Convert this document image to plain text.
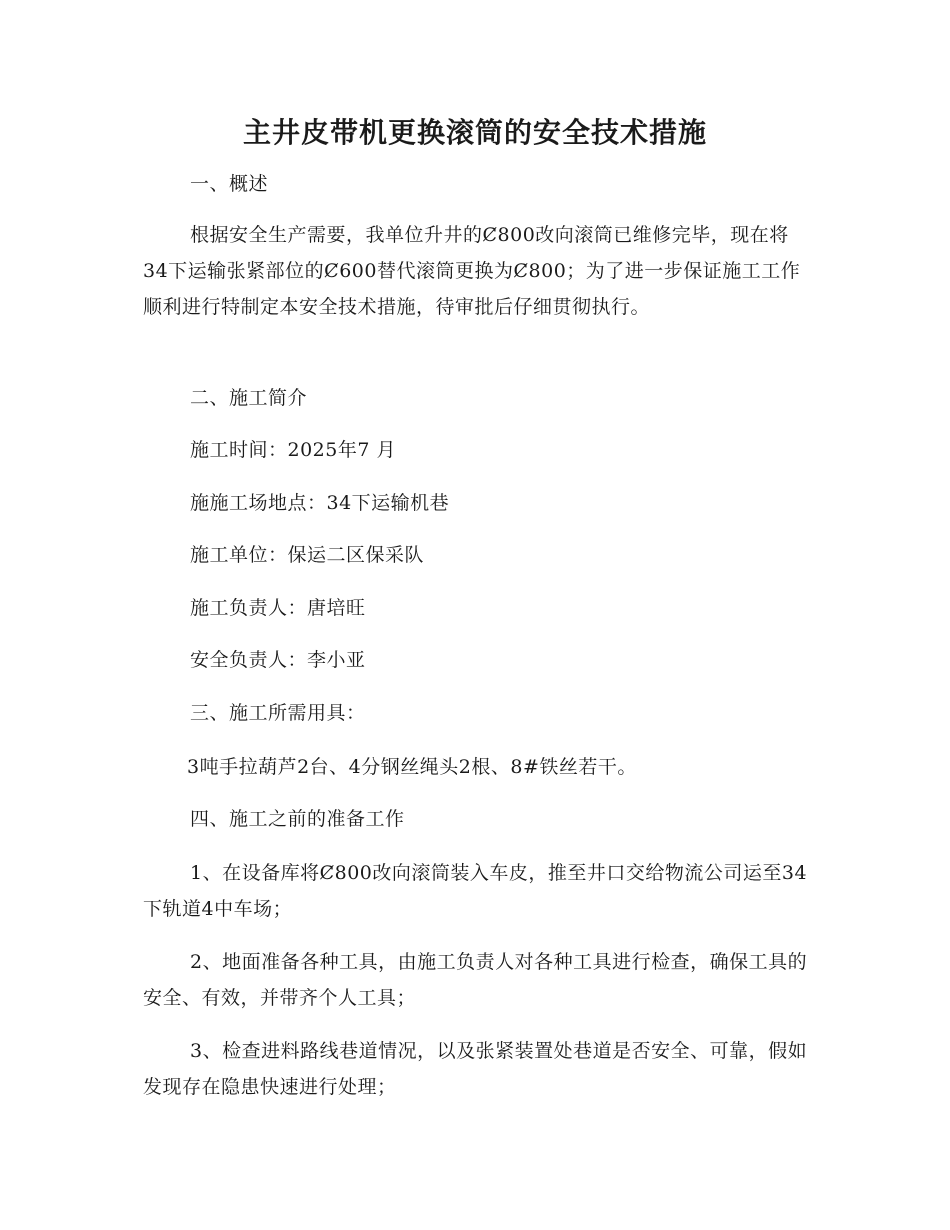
主井皮带机更换滚筒的安全技术措施

一、概述

根据安全生产需要，我单位升井的Ȼ800改向滚筒已维修完毕，现在将34下运输张紧部位的Ȼ600替代滚筒更换为Ȼ800；为了进一步保证施工工作顺利进行特制定本安全技术措施，待审批后仔细贯彻执行。

二、施工简介

施工时间：2025年7 月

施施工场地点：34下运输机巷

施工单位：保运二区保采队

施工负责人：唐培旺

安全负责人：李小亚

三、施工所需用具：

3吨手拉葫芦2台、4分钢丝绳头2根、8#铁丝若干。

四、施工之前的准备工作

1、在设备库将Ȼ800改向滚筒装入车皮，推至井口交给物流公司运至34下轨道4中车场；

2、地面准备各种工具，由施工负责人对各种工具进行检查，确保工具的安全、有效，并带齐个人工具；

3、检查进料路线巷道情况，以及张紧装置处巷道是否安全、可靠，假如发现存在隐患快速进行处理；
